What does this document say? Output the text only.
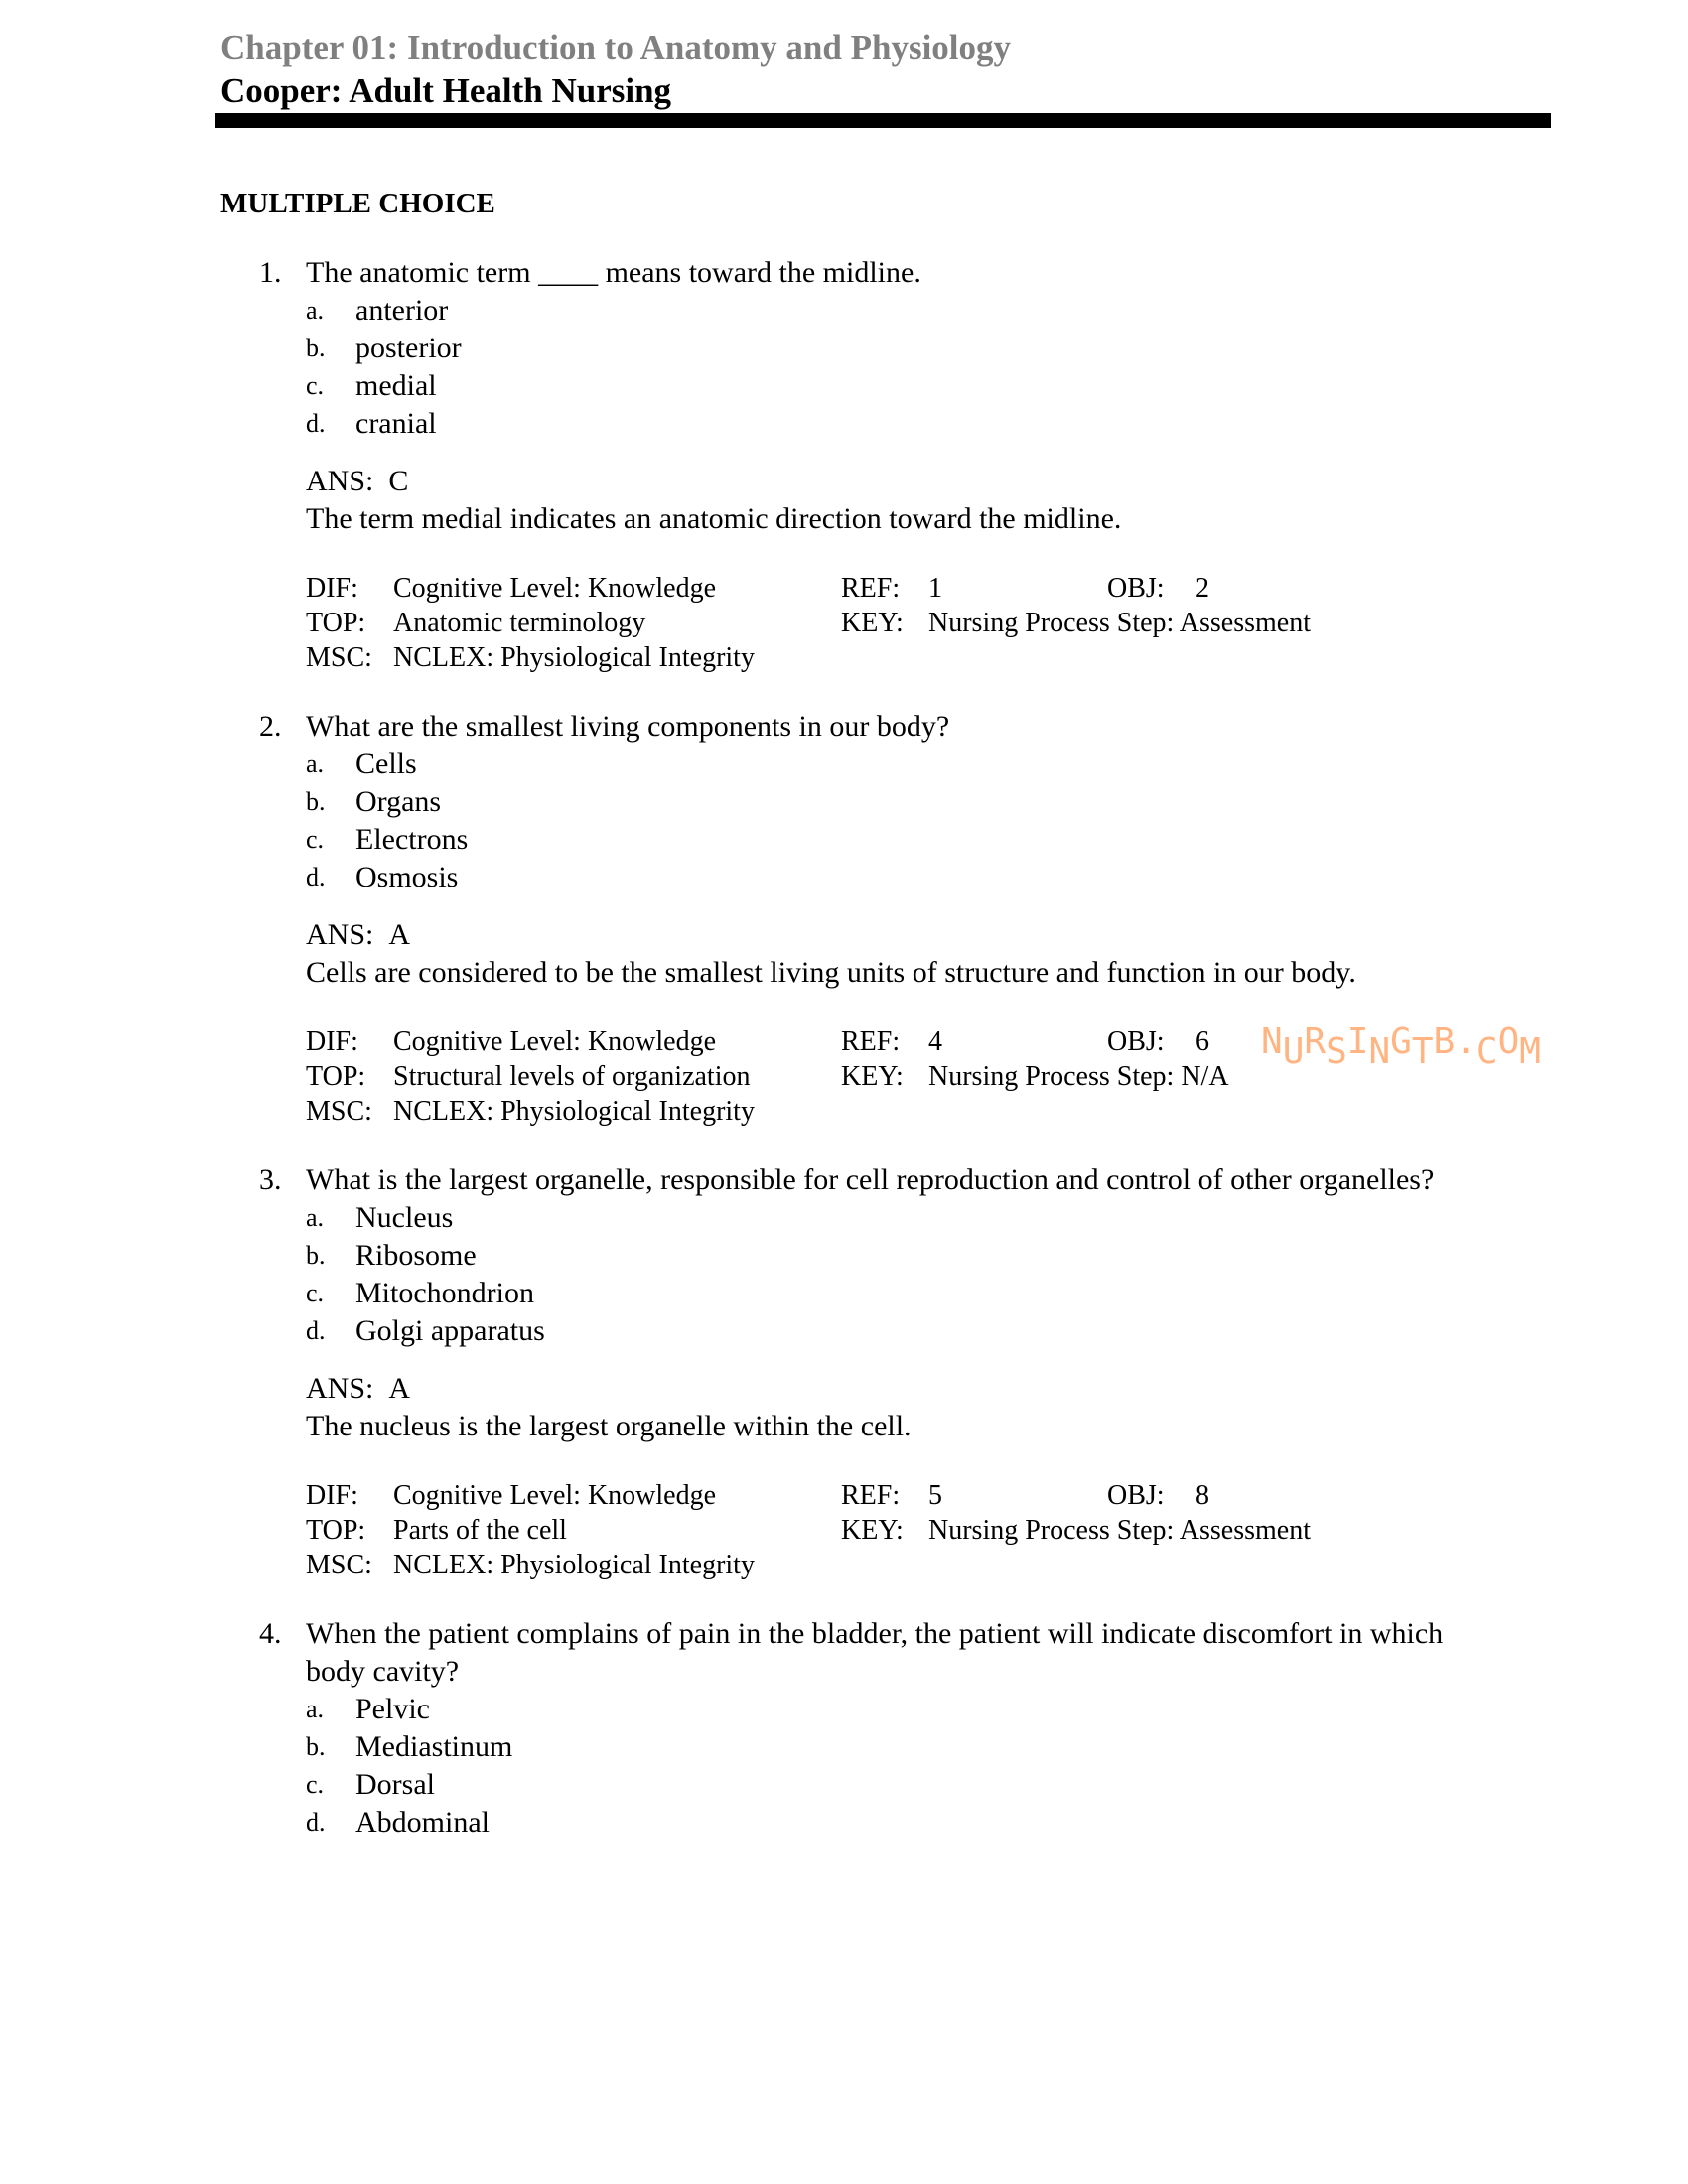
Chapter 01: Introduction to Anatomy and Physiology
Cooper: Adult Health Nursing
MULTIPLE CHOICE
1. The anatomic term ____ means toward the midline.
a.	anterior
b.	posterior
c.	medial
d.	cranial
ANS: C
The term medial indicates an anatomic direction toward the midline.
DIF:	Cognitive Level: Knowledge	REF:	1	OBJ:	2
TOP: Anatomic terminology	KEY: Nursing Process Step: Assessment
MSC: NCLEX: Physiological Integrity
2. What are the smallest living components in our body?
a.	Cells
b.	Organs
c.	Electrons
d.	Osmosis
ANS: A
Cells are considered to be the smallest living units of structure and function in our body.
DIF:	Cognitive Level: Knowledge	REF:	4	OBJ:	6
TOP: Structural levels of organization	KEY: Nursing Process Step: N/A
MSC: NCLEX: Physiological Integrity
3. What is the largest organelle, responsible for cell reproduction and control of other organelles?
a.	Nucleus
b.	Ribosome
c.	Mitochondrion
d.	Golgi apparatus
ANS: A
The nucleus is the largest organelle within the cell.
DIF:	Cognitive Level: Knowledge	REF:	5	OBJ:	8
TOP: Parts of the cell	KEY: Nursing Process Step: Assessment
MSC: NCLEX: Physiological Integrity
4. When the patient complains of pain in the bladder, the patient will indicate discomfort in which body cavity?
a.	Pelvic
b.	Mediastinum
c.	Dorsal
d.	Abdominal
NURSINGTB.COM
